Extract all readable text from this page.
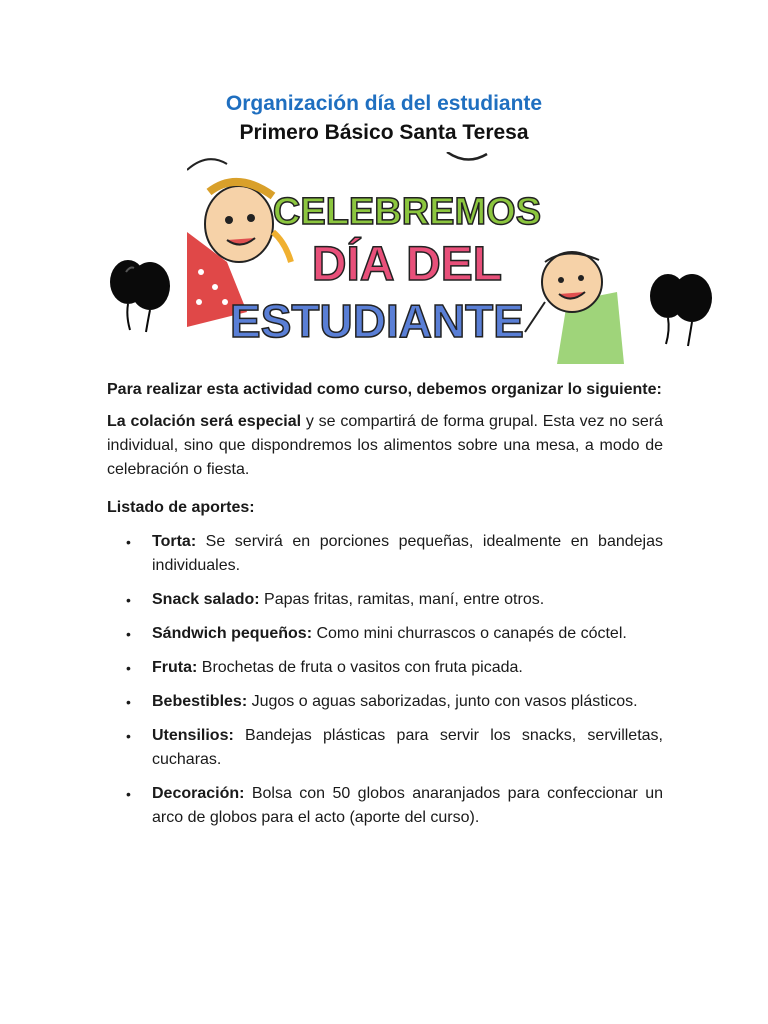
Organización día del estudiante
Primero Básico Santa Teresa
CELEBREMOS
DÍA DEL
ESTUDIANTE

Para realizar esta actividad como curso, debemos organizar lo siguiente:

La colación será especial y se compartirá de forma grupal. Esta vez no será individual, sino que dispondremos los alimentos sobre una mesa, a modo de celebración o fiesta.

Listado de aportes:

• Torta: Se servirá en porciones pequeñas, idealmente en bandejas individuales.
• Snack salado: Papas fritas, ramitas, maní, entre otros.
• Sándwich pequeños: Como mini churrascos o canapés de cóctel.
• Fruta: Brochetas de fruta o vasitos con fruta picada.
• Bebestibles: Jugos o aguas saborizadas, junto con vasos plásticos.
• Utensilios: Bandejas plásticas para servir los snacks, servilletas, cucharas.
• Decoración: Bolsa con 50 globos anaranjados para confeccionar un arco de globos para el acto (aporte del curso).
